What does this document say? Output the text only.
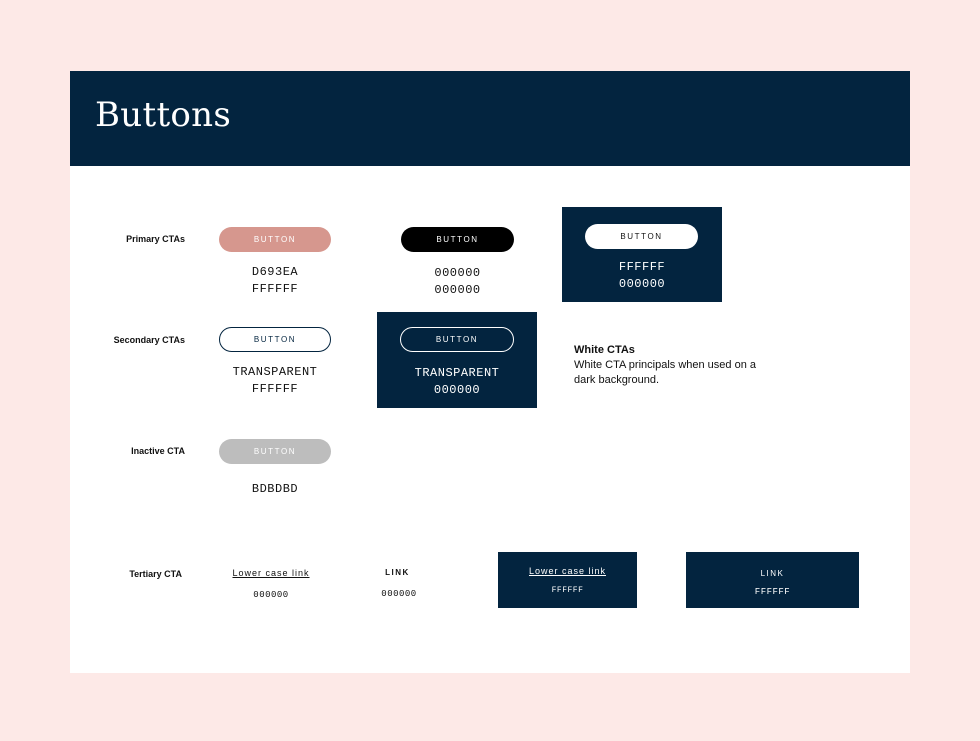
Buttons
Primary CTAs	BUTTON
D693EA
FFFFFF
BUTTON
000000
000000
BUTTON
FFFFFF
000000
Secondary CTAs	BUTTON
TRANSPARENT
FFFFFF
BUTTON
TRANSPARENT
000000
White CTAs
White CTA principals when used on a dark background.
Inactive CTA	BUTTON
BDBDBD
Tertiary CTA	Lower case link
000000
LINK
000000
Lower case link
FFFFFF
LINK
FFFFFF
